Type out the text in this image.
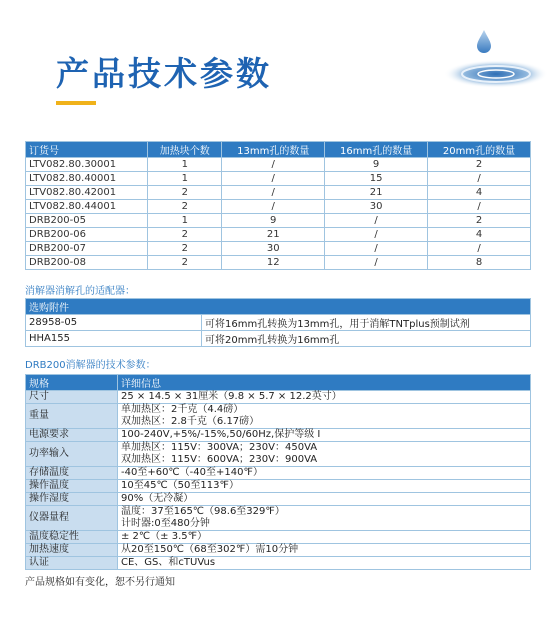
产品技术参数
订货号	加热块个数	13mm孔的数量	16mm孔的数量	20mm孔的数量
LTV082.80.30001	1	/	9	2
LTV082.80.40001	1	/	15	/
LTV082.80.42001	2	/	21	4
LTV082.80.44001	2	/	30	/
DRB200-05	1	9	/	2
DRB200-06	2	21	/	4
DRB200-07	2	30	/	/
DRB200-08	2	12	/	8
消解器消解孔的适配器：
选购附件	
28958-05	可将16mm孔转换为13mm孔，用于消解TNTplus预制试剂
HHA155	可将20mm孔转换为16mm孔
DRB200消解器的技术参数：
规格	详细信息
尺寸	25 × 14.5 × 31厘米（9.8 × 5.7 × 12.2英寸）

重量	单加热区：2千克（4.4磅）
双加热区：2.8千克（6.17磅）

电源要求	100-240V,+5%/-15%,50/60Hz,保护等级 I

功率输入	单加热区：115V：300VA；230V：450VA
双加热区：115V：600VA；230V：900VA

存储温度	-40至+60℃（-40至+140℉）

操作温度	10至45℃（50至113℉）

操作湿度	90%（无冷凝）

仪器量程	温度：37至165℃（98.6至329℉）
计时器:0至480分钟

温度稳定性	± 2℃（± 3.5℉）

加热速度	从20至150℃（68至302℉）需10分钟

认证	CE、GS、和cTUVus
产品规格如有变化，恕不另行通知
